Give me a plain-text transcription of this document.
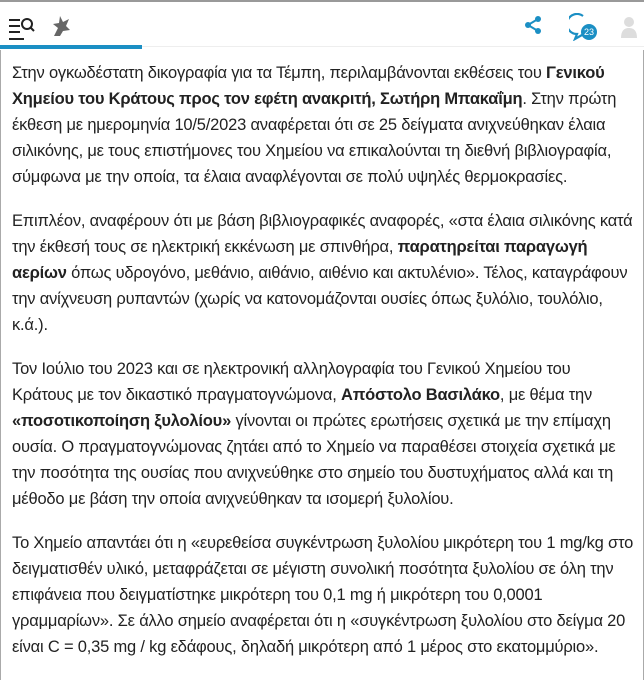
23

Στην ογκωδέστατη δικογραφία για τα Τέμπη, περιλαμβάνονται εκθέσεις του Γενικού Χημείου του Κράτους προς τον εφέτη ανακριτή, Σωτήρη Μπακαΐμη. Στην πρώτη έκθεση με ημερομηνία 10/5/2023 αναφέρεται ότι σε 25 δείγματα ανιχνεύθηκαν έλαια σιλικόνης, με τους επιστήμονες του Χημείου να επικαλούνται τη διεθνή βιβλιογραφία, σύμφωνα με την οποία, τα έλαια αναφλέγονται σε πολύ υψηλές θερμοκρασίες.

Επιπλέον, αναφέρουν ότι με βάση βιβλιογραφικές αναφορές, «στα έλαια σιλικόνης κατά την έκθεσή τους σε ηλεκτρική εκκένωση με σπινθήρα, παρατηρείται παραγωγή αερίων όπως υδρογόνο, μεθάνιο, αιθάνιο, αιθένιο και ακτυλένιο». Τέλος, καταγράφουν την ανίχνευση ρυπαντών (χωρίς να κατονομάζονται ουσίες όπως ξυλόλιο, τουλόλιο, κ.ά.).

Τον Ιούλιο του 2023 και σε ηλεκτρονική αλληλογραφία του Γενικού Χημείου του Κράτους με τον δικαστικό πραγματογνώμονα, Απόστολο Βασιλάκο, με θέμα την «ποσοτικοποίηση ξυλολίου» γίνονται οι πρώτες ερωτήσεις σχετικά με την επίμαχη ουσία. Ο πραγματογνώμονας ζητάει από το Χημείο να παραθέσει στοιχεία σχετικά με την ποσότητα της ουσίας που ανιχνεύθηκε στο σημείο του δυστυχήματος αλλά και τη μέθοδο με βάση την οποία ανιχνεύθηκαν τα ισομερή ξυλολίου.

Το Χημείο απαντάει ότι η «ευρεθείσα συγκέντρωση ξυλολίου μικρότερη του 1 mg/kg στο δειγματισθέν υλικό, μεταφράζεται σε μέγιστη συνολική ποσότητα ξυλολίου σε όλη την επιφάνεια που δειγματίστηκε μικρότερη του 0,1 mg ή μικρότερη του 0,0001 γραμμαρίων». Σε άλλο σημείο αναφέρεται ότι η «συγκέντρωση ξυλολίου στο δείγμα 20 είναι C = 0,35 mg / kg εδάφους, δηλαδή μικρότερη από 1 μέρος στο εκατομμύριο».
